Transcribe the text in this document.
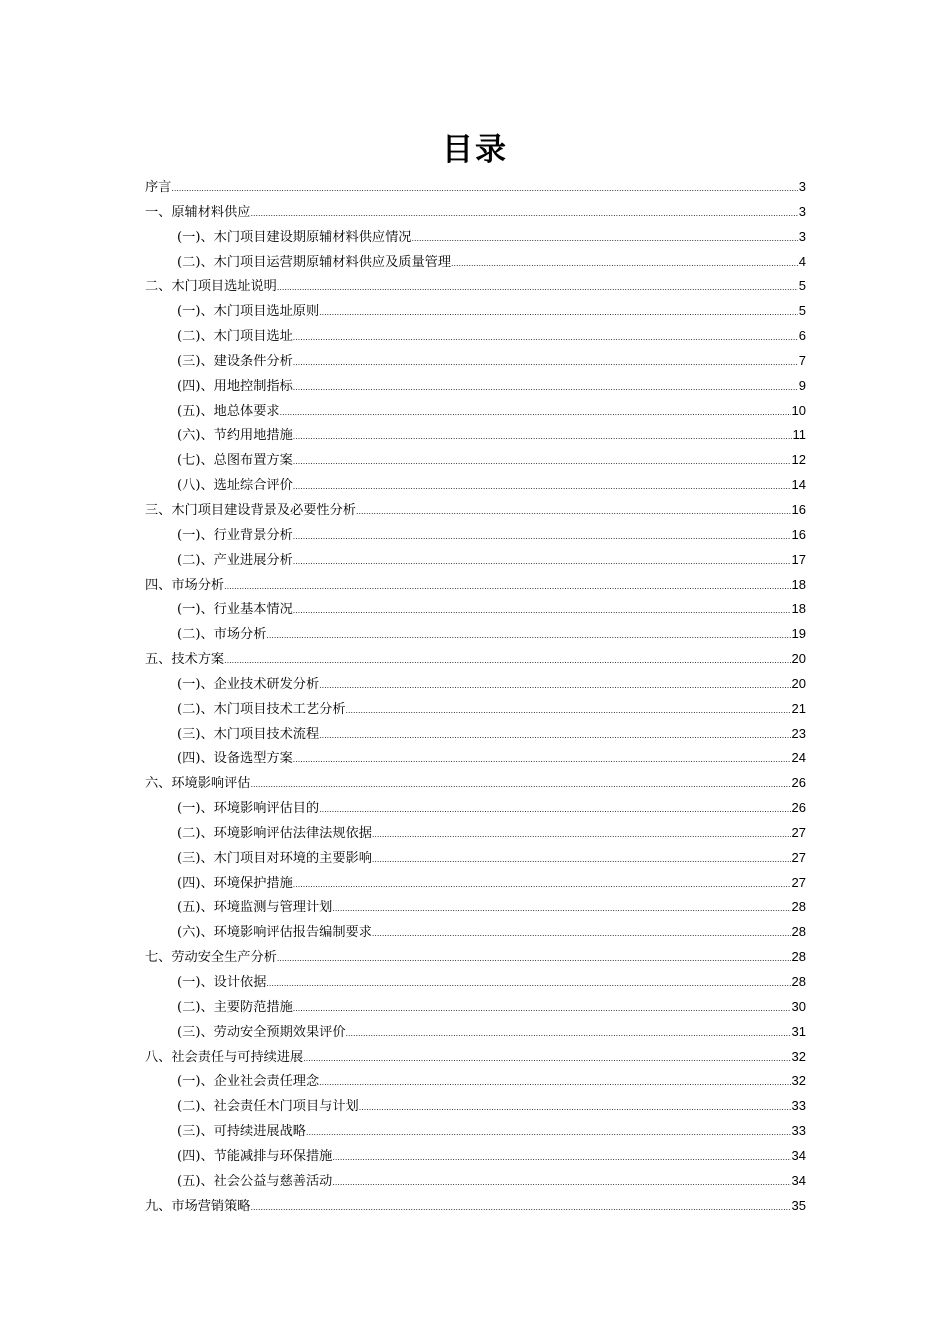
目录
序言 .....	3
一、原辅材料供应 .....	3
(一)、木门项目建设期原辅材料供应情况 .....	3
(二)、木门项目运营期原辅材料供应及质量管理 .....	4
二、木门项目选址说明 .....	5
(一)、木门项目选址原则 .....	5
(二)、木门项目选址 .....	6
(三)、建设条件分析 .....	7
(四)、用地控制指标 .....	9
(五)、地总体要求 .....	10
(六)、节约用地措施 .....	11
(七)、总图布置方案 .....	12
(八)、选址综合评价 .....	14
三、木门项目建设背景及必要性分析 .....	16
(一)、行业背景分析 .....	16
(二)、产业进展分析 .....	17
四、市场分析 .....	18
(一)、行业基本情况 .....	18
(二)、市场分析 .....	19
五、技术方案 .....	20
(一)、企业技术研发分析 .....	20
(二)、木门项目技术工艺分析 .....	21
(三)、木门项目技术流程 .....	23
(四)、设备选型方案 .....	24
六、环境影响评估 .....	26
(一)、环境影响评估目的 .....	26
(二)、环境影响评估法律法规依据 .....	27
(三)、木门项目对环境的主要影响 .....	27
(四)、环境保护措施 .....	27
(五)、环境监测与管理计划 .....	28
(六)、环境影响评估报告编制要求 .....	28
七、劳动安全生产分析 .....	28
(一)、设计依据 .....	28
(二)、主要防范措施 .....	30
(三)、劳动安全预期效果评价 .....	31
八、社会责任与可持续进展 .....	32
(一)、企业社会责任理念 .....	32
(二)、社会责任木门项目与计划 .....	33
(三)、可持续进展战略 .....	33
(四)、节能减排与环保措施 .....	34
(五)、社会公益与慈善活动 .....	34
九、市场营销策略 .....	35
